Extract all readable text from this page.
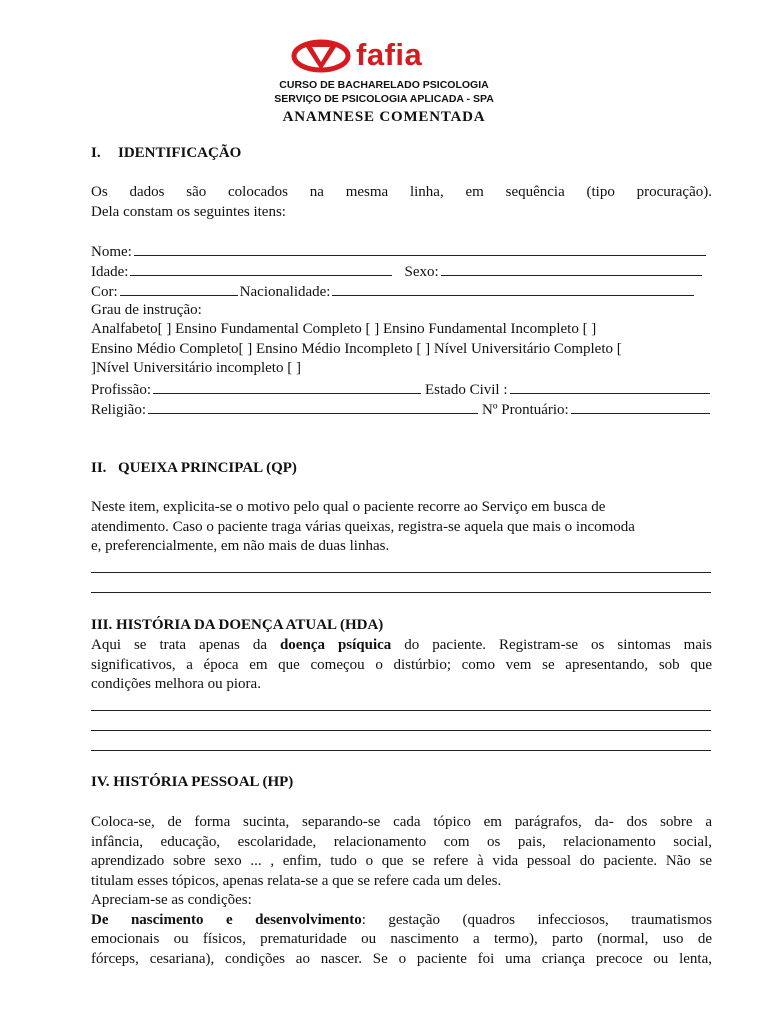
fafia
CURSO DE BACHARELADO PSICOLOGIA
SERVIÇO DE PSICOLOGIA APLICADA - SPA
ANAMNESE COMENTADA
I. IDENTIFICAÇÃO

Os dados são colocados na mesma linha, em sequência (tipo procuração).

Dela constam os seguintes itens:

Nome:
Idade:	Sexo:
Cor:	Nacionalidade:
Grau de instrução:
Analfabeto[ ] Ensino Fundamental Completo [ ] Ensino Fundamental Incompleto [ ]
Ensino Médio Completo[ ] Ensino Médio Incompleto [ ] Nível Universitário Completo [
]Nível Universitário incompleto [ ]
Profissão:	Estado Civil :
Religião:	Nº Prontuário:
II. QUEIXA PRINCIPAL (QP)

Neste item, explicita-se o motivo pelo qual o paciente recorre ao Serviço em busca de

atendimento. Caso o paciente traga várias queixas, registra-se aquela que mais o incomoda

e, preferencialmente, em não mais de duas linhas.

III. HISTÓRIA DA DOENÇA ATUAL (HDA)

Aqui se trata apenas da doença psíquica do paciente. Registram-se os sintomas mais

significativos, a época em que começou o distúrbio; como vem se apresentando, sob que

condições melhora ou piora.

IV. HISTÓRIA PESSOAL (HP)

Coloca-se, de forma sucinta, separando-se cada tópico em parágrafos, da- dos sobre a

infância, educação, escolaridade, relacionamento com os pais, relacionamento social,

aprendizado sobre sexo ... , enfim, tudo o que se refere à vida pessoal do paciente. Não se

titulam esses tópicos, apenas relata-se a que se refere cada um deles.

Apreciam-se as condições:

De nascimento e desenvolvimento: gestação (quadros infecciosos, traumatismos

emocionais ou físicos, prematuridade ou nascimento a termo), parto (normal, uso de

fórceps, cesariana), condições ao nascer. Se o paciente foi uma criança precoce ou lenta,
